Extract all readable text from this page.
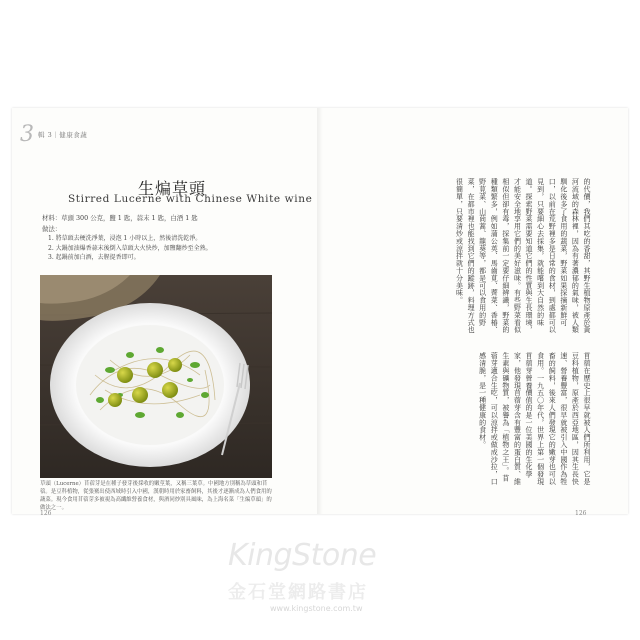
3 輯 3｜健康食蔬
生煸草頭
Stirred Lucerne with Chinese White wine
材料：草頭 300 公克，鹽 1 匙，蒜末 1 匙，白酒 1 匙
做法：
1. 將草頭去梗洗淨葉，浸泡 1 小時以上，然後清洗乾淨。
2. 大鍋加油爆香蒜末後倒入草頭大火快炒，加鹽翻炒至全熟。
3. 起鍋前加白酒，去腥提香即可。
草頭（Lucerne）苜蓿芽是在種子發芽後採收的嫩莖葉，又稱三葉草。中國地方別稱為草頭和苜蓿。是豆科植物，從張騫出使西域時引入中國，漢朝時用於家畜飼料，其後才逐漸成為人們食用的蔬菜。現今食用苜蓿芽多被視為高纖維營養食材，與酒同炒別具風味，為上海名菜「生煸草頭」的做法之一。
126	126
的代價，我們其吃的香甜，其野生植物原產於黃河流域的森林裡，因為有著濃郁的氣味，被人類馴化後多了食用的蔬菜，野菜如果採摘新鮮可口，以前在荒野裡多是日常的食材，到處都可以見到，只要細心去採集，就能嚐到大自然的味道。探索野菜需要知道它們的性質與生長環境，才能安全地享用它們的美好滋味。有些野菜看似相似但卻有毒，採集前一定要仔細辨識，野菜的種類繁多，例如蒲公英、馬齒莧、薺菜、香椿、野莧菜、山茼蒿、龍葵等，都是可以食用的野菜，在都市裡也能找到它們的蹤跡，料理方式也很簡單，只要清炒或涼拌就十分美味。
苜蓿在歷史上很早就被人們所利用，它是豆科植物，原產於西亞地區，因其生長快速、營養豐富，很早就被引入中國作為牲畜的飼料，後來人們發現它的嫩芽也可以食用。一九五〇年代，世界上第一個發現苜蓿芽營養價值的是一位美國的生化學家，他發現苜蓿芽含有豐富的蛋白質、維生素與礦物質，被譽為「植物之王」。苜蓿芽適合生吃，可以涼拌或做成沙拉，口感清脆，是一種健康的食材。
KingStone
金石堂網路書店
www.kingstone.com.tw
